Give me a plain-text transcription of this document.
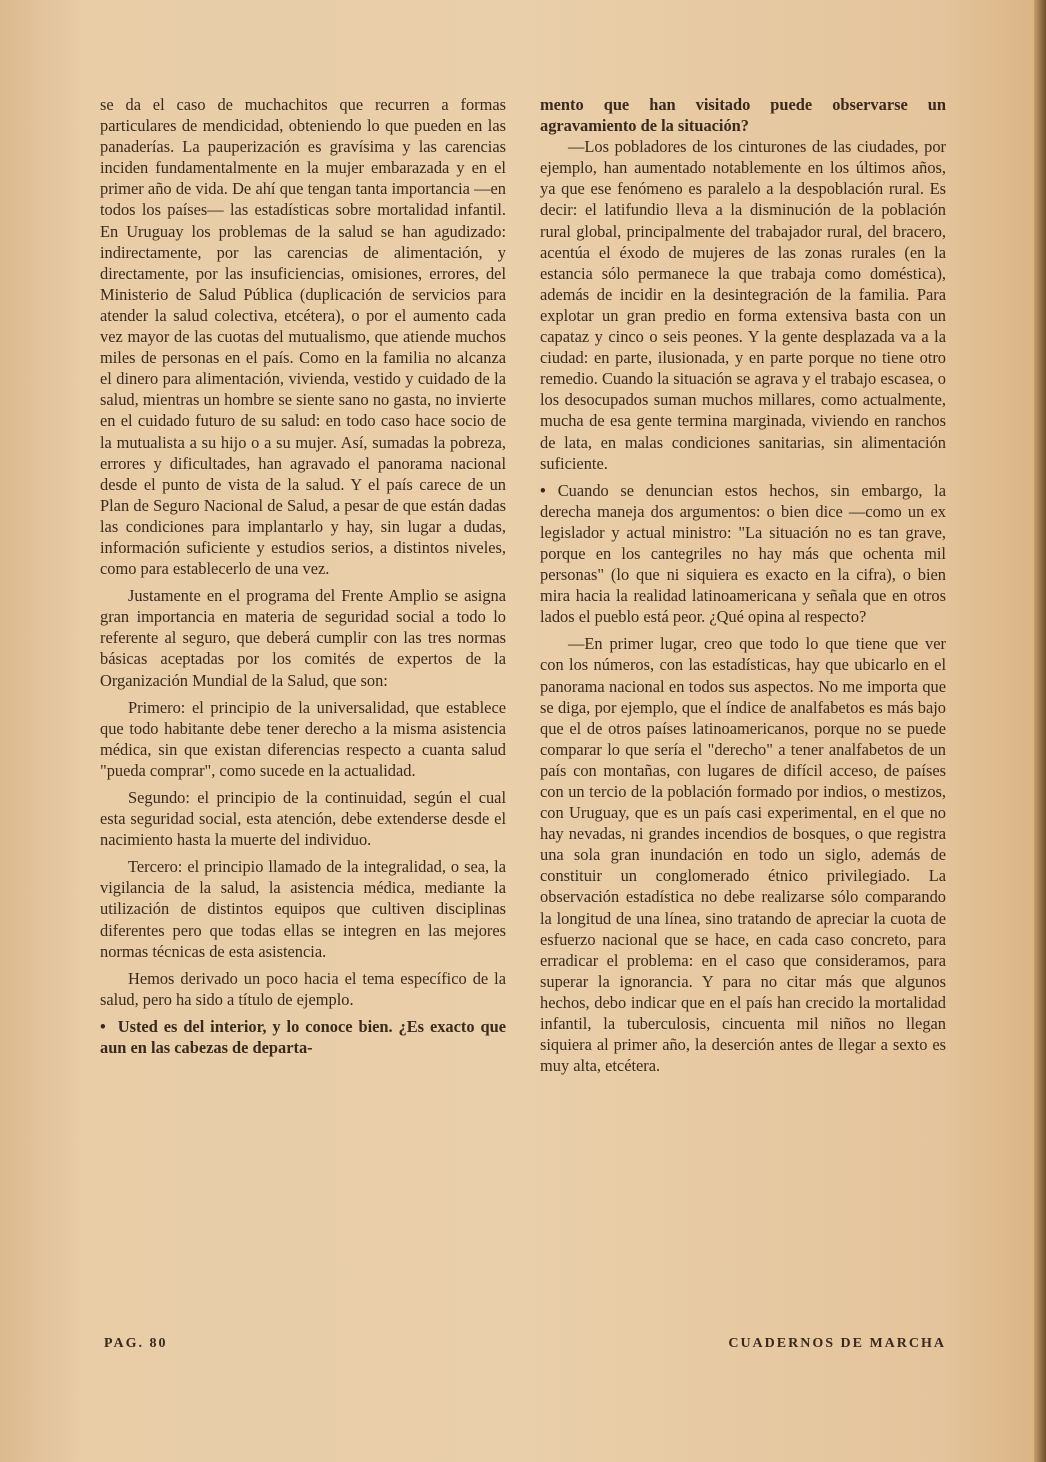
se da el caso de muchachitos que recurren a formas particulares de mendicidad, obteniendo lo que pueden en las panaderías. La pauperización es gravísima y las carencias inciden fundamentalmente en la mujer embarazada y en el primer año de vida. De ahí que tengan tanta importancia —en todos los países— las estadísticas sobre mortalidad infantil. En Uruguay los problemas de la salud se han agudizado: indirectamente, por las carencias de alimentación, y directamente, por las insuficiencias, omisiones, errores, del Ministerio de Salud Pública (duplicación de servicios para atender la salud colectiva, etcétera), o por el aumento cada vez mayor de las cuotas del mutualismo, que atiende muchos miles de personas en el país. Como en la familia no alcanza el dinero para alimentación, vivienda, vestido y cuidado de la salud, mientras un hombre se siente sano no gasta, no invierte en el cuidado futuro de su salud: en todo caso hace socio de la mutualista a su hijo o a su mujer. Así, sumadas la pobreza, errores y dificultades, han agravado el panorama nacional desde el punto de vista de la salud. Y el país carece de un Plan de Seguro Nacional de Salud, a pesar de que están dadas las condiciones para implantarlo y hay, sin lugar a dudas, información suficiente y estudios serios, a distintos niveles, como para establecerlo de una vez.

Justamente en el programa del Frente Amplio se asigna gran importancia en materia de seguridad social a todo lo referente al seguro, que deberá cumplir con las tres normas básicas aceptadas por los comités de expertos de la Organización Mundial de la Salud, que son:

Primero: el principio de la universalidad, que establece que todo habitante debe tener derecho a la misma asistencia médica, sin que existan diferencias respecto a cuanta salud "pueda comprar", como sucede en la actualidad.

Segundo: el principio de la continuidad, según el cual esta seguridad social, esta atención, debe extenderse desde el nacimiento hasta la muerte del individuo.

Tercero: el principio llamado de la integralidad, o sea, la vigilancia de la salud, la asistencia médica, mediante la utilización de distintos equipos que cultiven disciplinas diferentes pero que todas ellas se integren en las mejores normas técnicas de esta asistencia.

Hemos derivado un poco hacia el tema específico de la salud, pero ha sido a título de ejemplo.

• Usted es del interior, y lo conoce bien. ¿Es exacto que aun en las cabezas de departa-

mento que han visitado puede observarse un agravamiento de la situación?

—Los pobladores de los cinturones de las ciudades, por ejemplo, han aumentado notablemente en los últimos años, ya que ese fenómeno es paralelo a la despoblación rural. Es decir: el latifundio lleva a la disminución de la población rural global, principalmente del trabajador rural, del bracero, acentúa el éxodo de mujeres de las zonas rurales (en la estancia sólo permanece la que trabaja como doméstica), además de incidir en la desintegración de la familia. Para explotar un gran predio en forma extensiva basta con un capataz y cinco o seis peones. Y la gente desplazada va a la ciudad: en parte, ilusionada, y en parte porque no tiene otro remedio. Cuando la situación se agrava y el trabajo escasea, o los desocupados suman muchos millares, como actualmente, mucha de esa gente termina marginada, viviendo en ranchos de lata, en malas condiciones sanitarias, sin alimentación suficiente.

• Cuando se denuncian estos hechos, sin embargo, la derecha maneja dos argumentos: o bien dice —como un ex legislador y actual ministro: "La situación no es tan grave, porque en los cantegriles no hay más que ochenta mil personas" (lo que ni siquiera es exacto en la cifra), o bien mira hacia la realidad latinoamericana y señala que en otros lados el pueblo está peor. ¿Qué opina al respecto?

—En primer lugar, creo que todo lo que tiene que ver con los números, con las estadísticas, hay que ubicarlo en el panorama nacional en todos sus aspectos. No me importa que se diga, por ejemplo, que el índice de analfabetos es más bajo que el de otros países latinoamericanos, porque no se puede comparar lo que sería el "derecho" a tener analfabetos de un país con montañas, con lugares de difícil acceso, de países con un tercio de la población formado por indios, o mestizos, con Uruguay, que es un país casi experimental, en el que no hay nevadas, ni grandes incendios de bosques, o que registra una sola gran inundación en todo un siglo, además de constituir un conglomerado étnico privilegiado. La observación estadística no debe realizarse sólo comparando la longitud de una línea, sino tratando de apreciar la cuota de esfuerzo nacional que se hace, en cada caso concreto, para erradicar el problema: en el caso que consideramos, para superar la ignorancia. Y para no citar más que algunos hechos, debo indicar que en el país han crecido la mortalidad infantil, la tuberculosis, cincuenta mil niños no llegan siquiera al primer año, la deserción antes de llegar a sexto es muy alta, etcétera.

PAG. 80	CUADERNOS DE MARCHA
